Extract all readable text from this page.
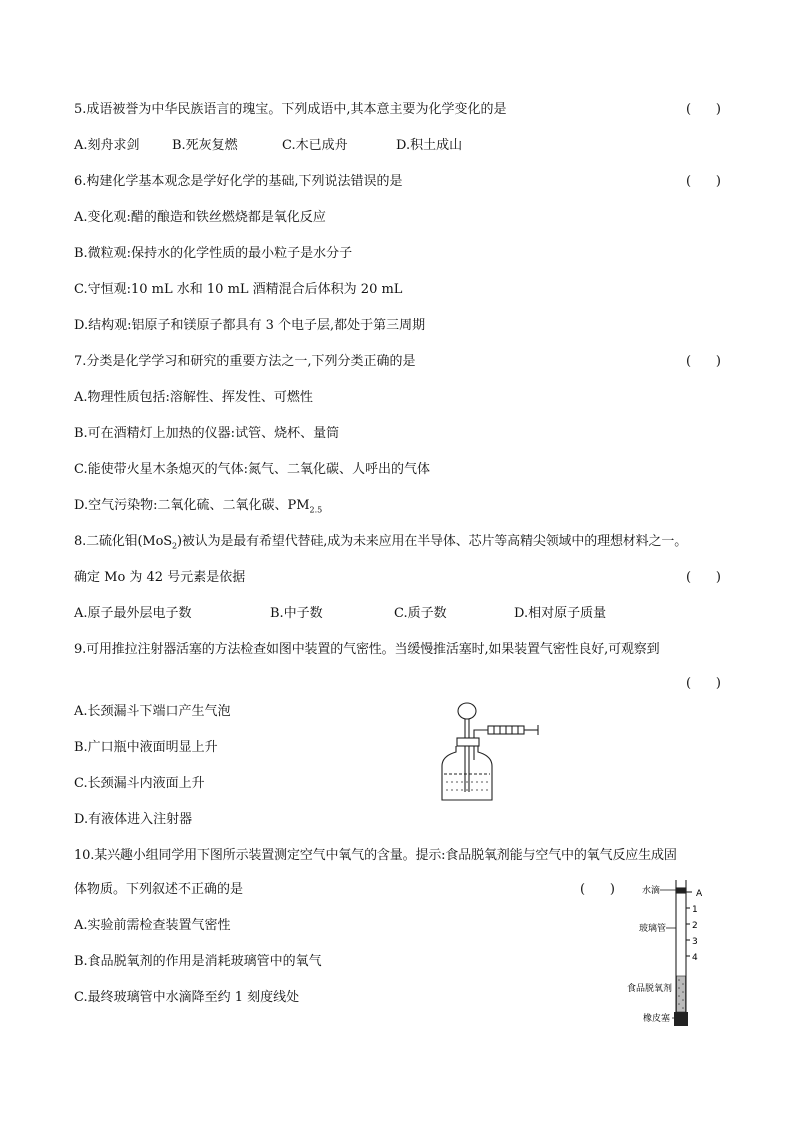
5.成语被誉为中华民族语言的瑰宝。下列成语中,其本意主要为化学变化的是	(      )
A.刻舟求剑 B.死灰复燃	C.木已成舟	D.积土成山
6.构建化学基本观念是学好化学的基础,下列说法错误的是	(      )
A.变化观:醋的酿造和铁丝燃烧都是氧化反应
B.微粒观:保持水的化学性质的最小粒子是水分子
C.守恒观:10 mL 水和 10 mL 酒精混合后体积为 20 mL
D.结构观:铝原子和镁原子都具有 3 个电子层,都处于第三周期
7.分类是化学学习和研究的重要方法之一,下列分类正确的是	(      )
A.物理性质包括:溶解性、挥发性、可燃性
B.可在酒精灯上加热的仪器:试管、烧杯、量筒
C.能使带火星木条熄灭的气体:氮气、二氧化碳、人呼出的气体
D.空气污染物:二氧化硫、二氧化碳、$PM_{2.5}$
8.二硫化钼(MoS$_2$)被认为是最有希望代替硅,成为未来应用在半导体、芯片等高精尖领域中的理想材料之一。
确定 Mo 为 42 号元素是依据	(      )
A.原子最外层电子数	B.中子数	C.质子数	D.相对原子质量
9.可用推拉注射器活塞的方法检查如图中装置的气密性。当缓慢推活塞时,如果装置气密性良好,可观察到
(      )
A.长颈漏斗下端口产生气泡
B.广口瓶中液面明显上升
C.长颈漏斗内液面上升
D.有液体进入注射器
10.某兴趣小组同学用下图所示装置测定空气中氧气的含量。提示:食品脱氧剂能与空气中的氧气反应生成固
体物质。下列叙述不正确的是	(      )
A.实验前需检查装置气密性
B.食品脱氧剂的作用是消耗玻璃管中的氧气
C.最终玻璃管中水滴降至约 1 刻度线处
水滴	A
1
2
3
4
玻璃管
食品脱氧剂
橡皮塞
